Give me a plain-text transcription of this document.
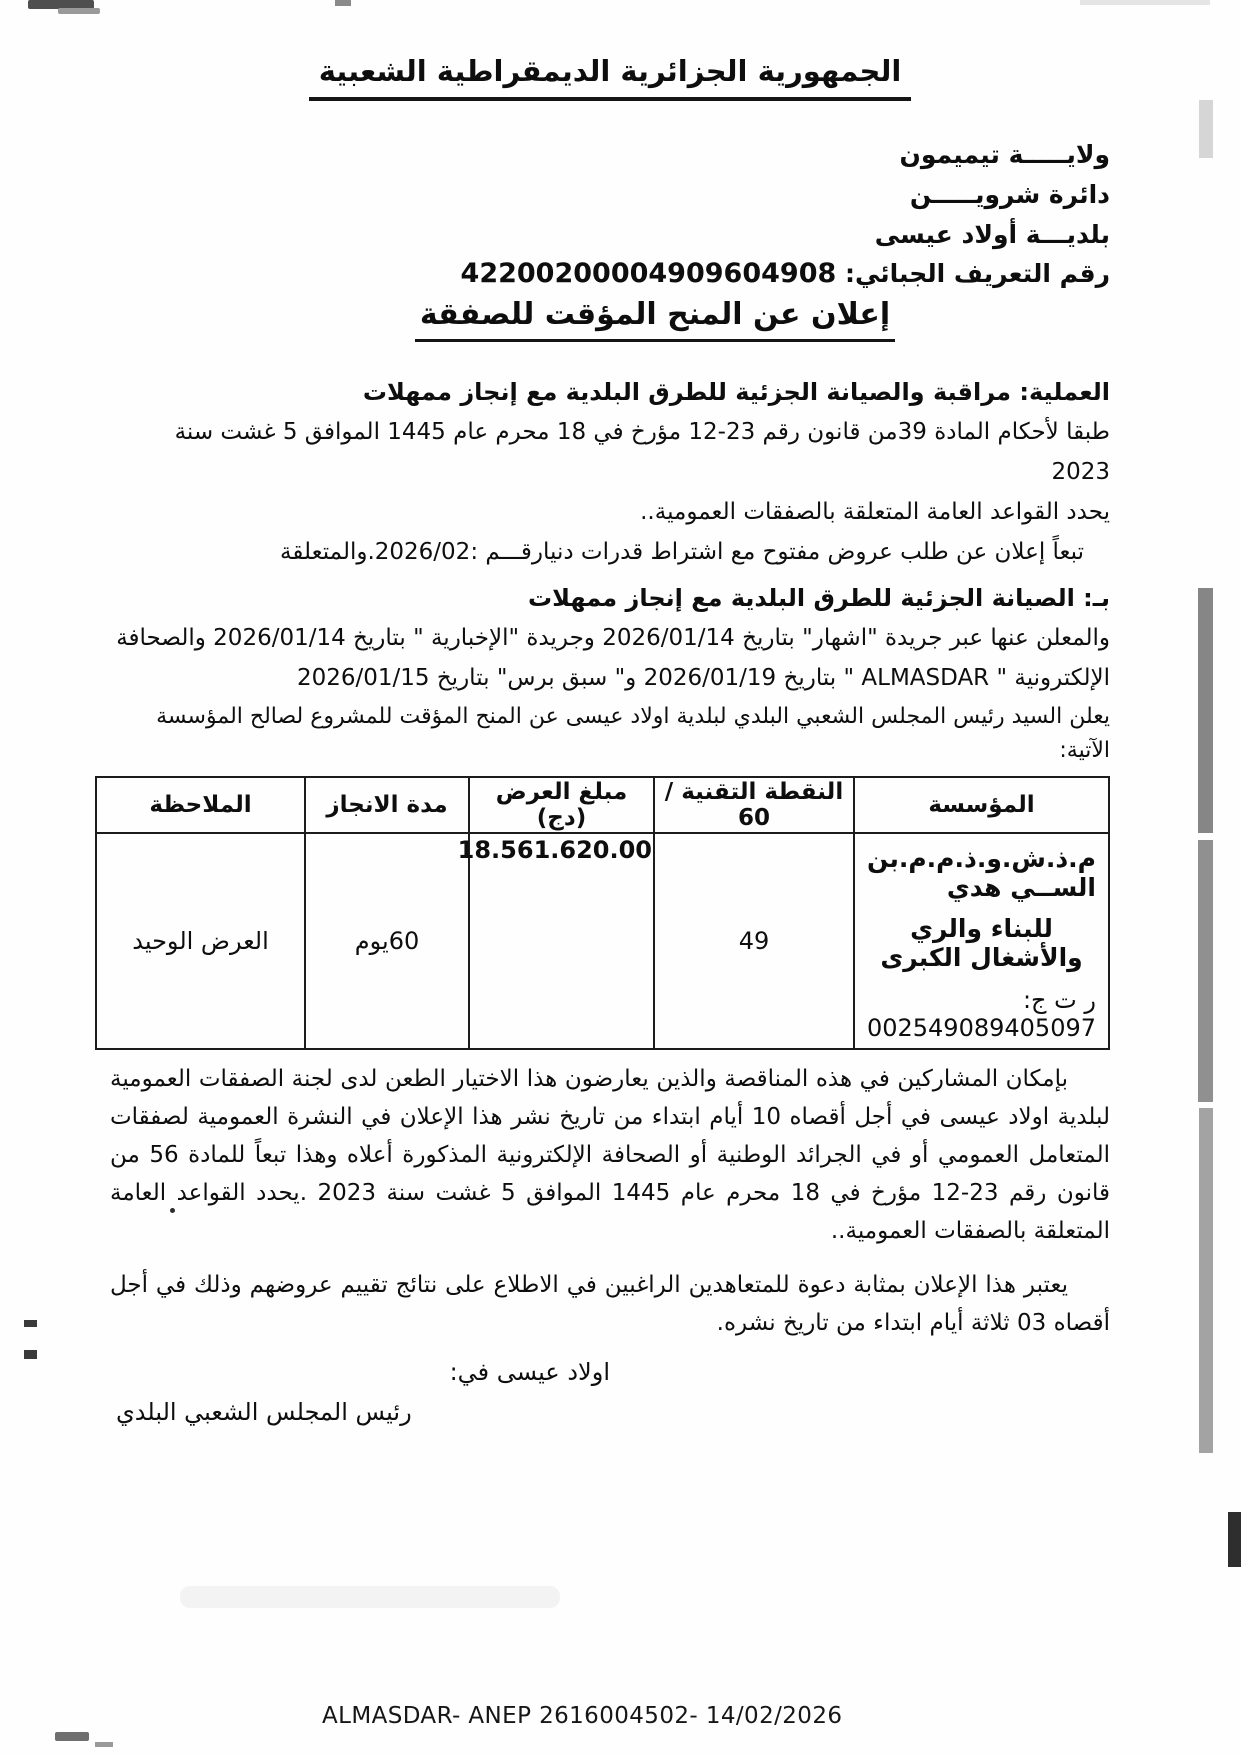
الجمهورية الجزائرية الديمقراطية الشعبية
ولايـــــة تيميمون
دائرة شرويـــــن
بلديـــة أولاد عيسى
رقم التعريف الجبائي: 42200200004909604908
إعلان عن المنح المؤقت للصفقة
العملية: مراقبة والصيانة الجزئية للطرق البلدية مع إنجاز ممهلات
طبقا لأحكام المادة 39من قانون رقم 23-12 مؤرخ في 18 محرم عام 1445 الموافق 5 غشت سنة 2023
يحدد القواعد العامة المتعلقة بالصفقات العمومية..
تبعاً إعلان عن طلب عروض مفتوح مع اشتراط قدرات دنيارقـــم :2026/02.والمتعلقة
بـ: الصيانة الجزئية للطرق البلدية مع إنجاز ممهلات
والمعلن عنها عبر جريدة "اشهار" بتاريخ 2026/01/14 وجريدة "الإخبارية " بتاريخ 2026/01/14 والصحافة
الإلكترونية " ALMASDAR " بتاريخ 2026/01/19 و" سبق برس" بتاريخ 2026/01/15
يعلن السيد رئيس المجلس الشعبي البلدي لبلدية اولاد عيسى عن المنح المؤقت للمشروع لصالح المؤسسة الآتية:
المؤسسة	النقطة التقنية / 60	مبلغ العرض (دج)	مدة الانجاز	الملاحظة

م.ذ.ش.و.ذ.م.م.بن الســي هدي
للبناء والري والأشغال الكبرى
ر ت ج: 002549089405097	49	18.561.620.00	60يوم	العرض الوحيد
بإمكان المشاركين في هذه المناقصة والذين يعارضون هذا الاختيار الطعن لدى لجنة الصفقات العمومية لبلدية اولاد عيسى في أجل أقصاه 10 أيام ابتداء من تاريخ نشر هذا الإعلان في النشرة العمومية لصفقات المتعامل العمومي أو في الجرائد الوطنية أو الصحافة الإلكترونية المذكورة أعلاه وهذا تبعاً للمادة 56 من قانون رقم 23-12 مؤرخ في 18 محرم عام 1445 الموافق 5 غشت سنة 2023 .يحدد القواعد العامة المتعلقة بالصفقات العمومية..
يعتبر هذا الإعلان بمثابة دعوة للمتعاهدين الراغبين في الاطلاع على نتائج تقييم عروضهم وذلك في أجل أقصاه 03 ثلاثة أيام ابتداء من تاريخ نشره.
اولاد عيسى في:
رئيس المجلس الشعبي البلدي
ALMASDAR- ANEP 2616004502- 14/02/2026
